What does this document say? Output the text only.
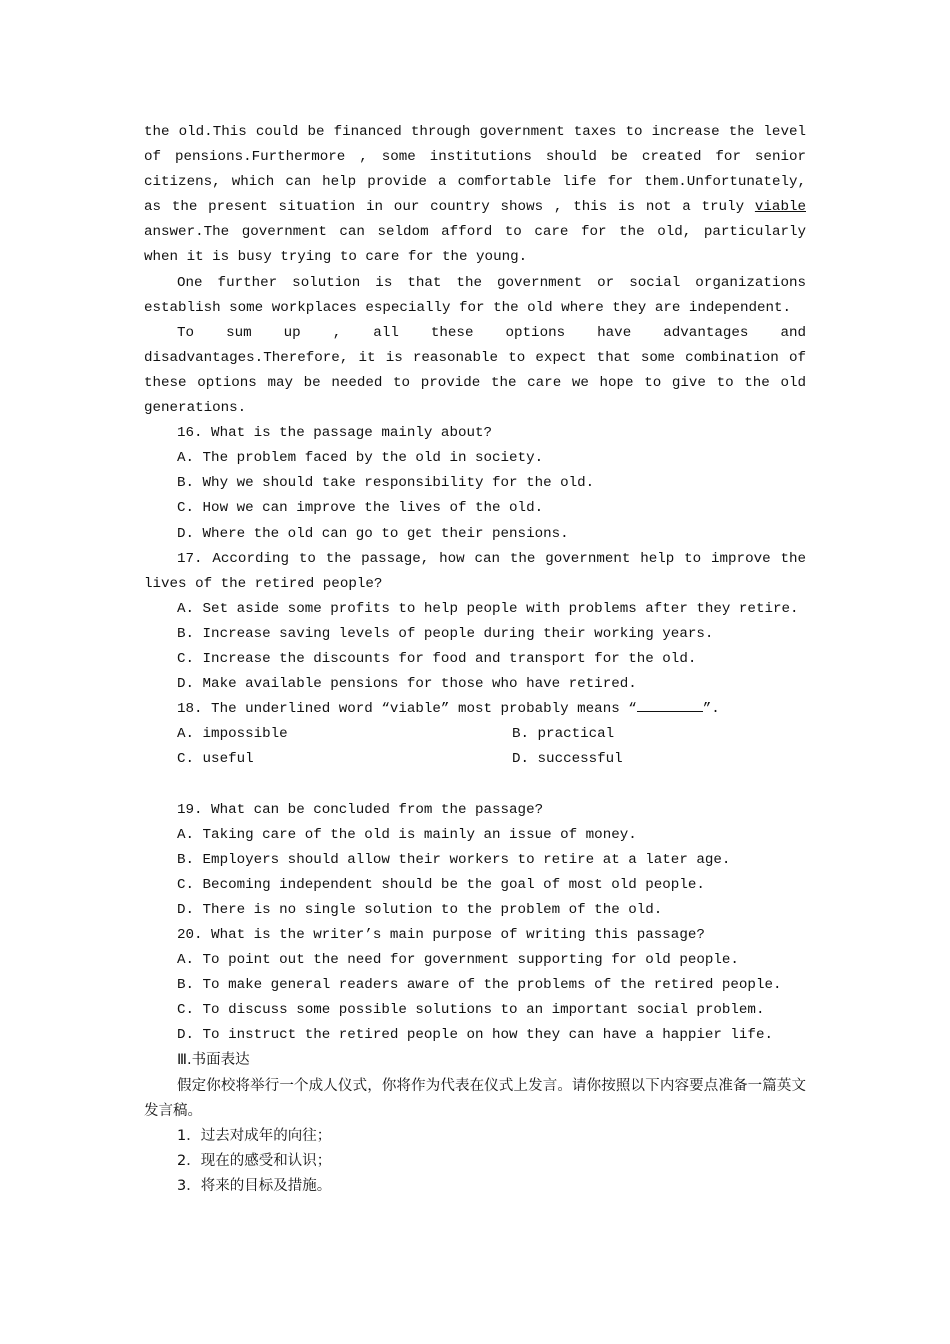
the old.This could be financed through government taxes to increase the level of pensions.Furthermore , some institutions should be created for senior citizens, which can help provide a comfortable life for them.Unfortunately, as the present situation in our country shows , this is not a truly viable answer.The government can seldom afford to care for the old, particularly when it is busy trying to care for the young.

One further solution is that the government or social organizations establish some workplaces especially for the old where they are independent.

To sum up , all these options have advantages and disadvantages.Therefore, it is reasonable to expect that some combination of these options may be needed to provide the care we hope to give to the old generations.

16. What is the passage mainly about?

A. The problem faced by the old in society.

B. Why we should take responsibility for the old.

C. How we can improve the lives of the old.

D. Where the old can go to get their pensions.

17. According to the passage, how can the government help to improve the lives of the retired people?

A. Set aside some profits to help people with problems after they retire.

B. Increase saving levels of people during their working years.

C. Increase the discounts for food and transport for the old.

D. Make available pensions for those who have retired.

18. The underlined word “viable” most probably means “	”.

A. impossible	B. practical
C. useful	D. successful

19. What can be concluded from the passage?

A. Taking care of the old is mainly an issue of money.

B. Employers should allow their workers to retire at a later age.

C. Becoming independent should be the goal of most old people.

D. There is no single solution to the problem of the old.

20. What is the writer’s main purpose of writing this passage?

A. To point out the need for government supporting for old people.

B. To make general readers aware of the problems of the retired people.

C. To discuss some possible solutions to an important social problem.

D. To instruct the retired people on how they can have a happier life.

Ⅲ.书面表达

假定你校将举行一个成人仪式，你将作为代表在仪式上发言。请你按照以下内容要点准备一篇英文发言稿。

1．过去对成年的向往；

2．现在的感受和认识；

3．将来的目标及措施。
